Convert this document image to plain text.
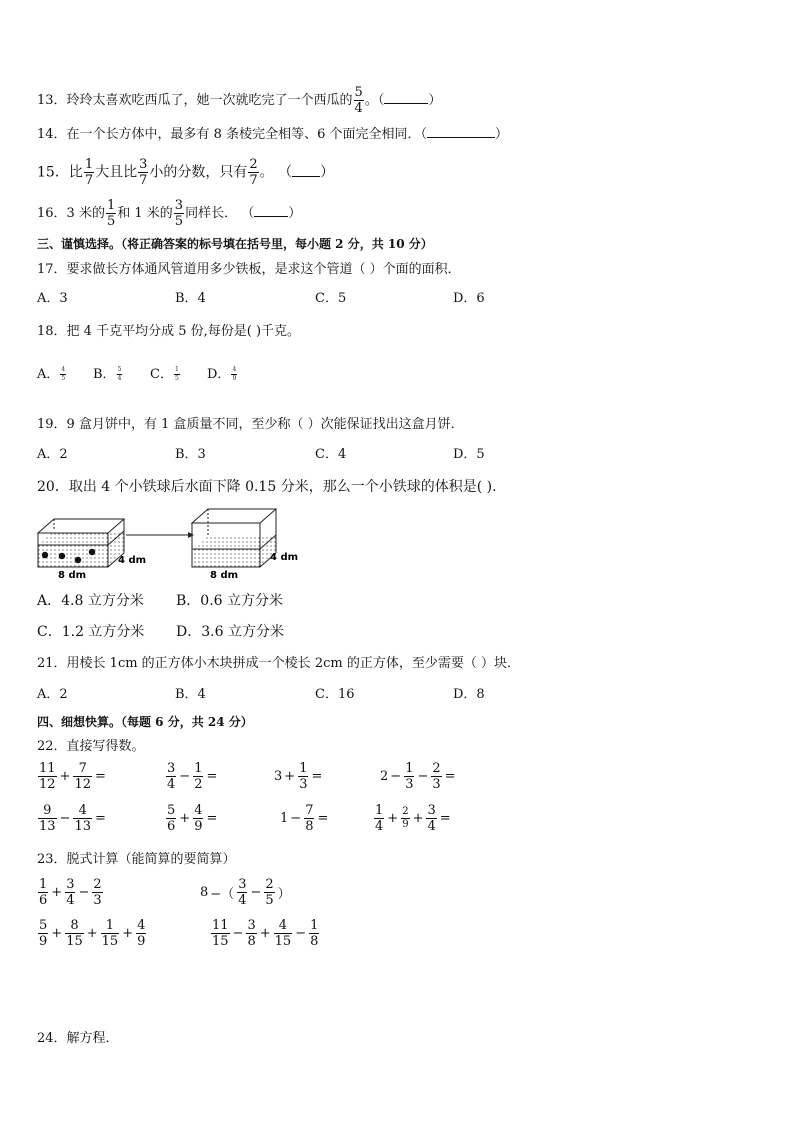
13．玲玲太喜欢吃西瓜了，她一次就吃完了一个西瓜的 $\frac{5}{4}$ 。（	）
14．在一个长方体中，最多有 8 条棱完全相等、6 个面完全相同．（	）
15．比 $\frac{1}{7}$ 大且比 $\frac{3}{7}$ 小的分数，只有 $\frac{2}{7}$ 。 （ ）
16．3 米的 $\frac{1}{5}$ 和 1 米的 $\frac{3}{5}$ 同样长． （	）
三、谨慎选择。（将正确答案的标号填在括号里，每小题 2 分，共 10 分）
17．要求做长方体通风管道用多少铁板，是求这个管道（ ）个面的面积．
A．3	B．4	C．5	D．6
18．把 4 千克平均分成 5 份,每份是( )千克。
A． $\frac{4}{5}$ B． $\frac{5}{4}$ C． $\frac{1}{5}$ D． $\frac{4}{9}$
19．9 盒月饼中，有 1 盒质量不同，至少称（ ）次能保证找出这盒月饼．
A．2	B．3	C．4	D．5
20．取出 4 个小铁球后水面下降 0.15 分米，那么一个小铁球的体积是( ).
8 dm
4 dm
8 dm
4 dm
A．4.8 立方分米 B．0.6 立方分米
C．1.2 立方分米 D．3.6 立方分米
21．用棱长 1cm 的正方体小木块拼成一个棱长 2cm 的正方体，至少需要（ ）块．
A．2	B．4	C．16	D．8
四、细想快算。（每题 6 分，共 24 分）
22．直接写得数。
$\frac{11}{12} + \frac{7}{12}$ =	$\frac{3}{4} - \frac{1}{2}$ =	$3 + \frac{1}{3}$ =	$2 - \frac{1}{3} - \frac{2}{3}$ =
$\frac{9}{13} - \frac{4}{13}$ =	$\frac{5}{6} + \frac{4}{9}$ =	$1 - \frac{7}{8}$ =	$\frac{1}{4} + \frac{2}{9} + \frac{3}{4}$ =
23．脱式计算（能简算的要简算）
$\frac{1}{6} + \frac{3}{4} - \frac{2}{3}$	8 −（ $\frac{3}{4} - \frac{2}{5}$ ）
$\frac{5}{9} + \frac{8}{15} + \frac{1}{15} + \frac{4}{9}$	$\frac{11}{15} - \frac{3}{8} + \frac{4}{15} - \frac{1}{8}$
24．解方程．
